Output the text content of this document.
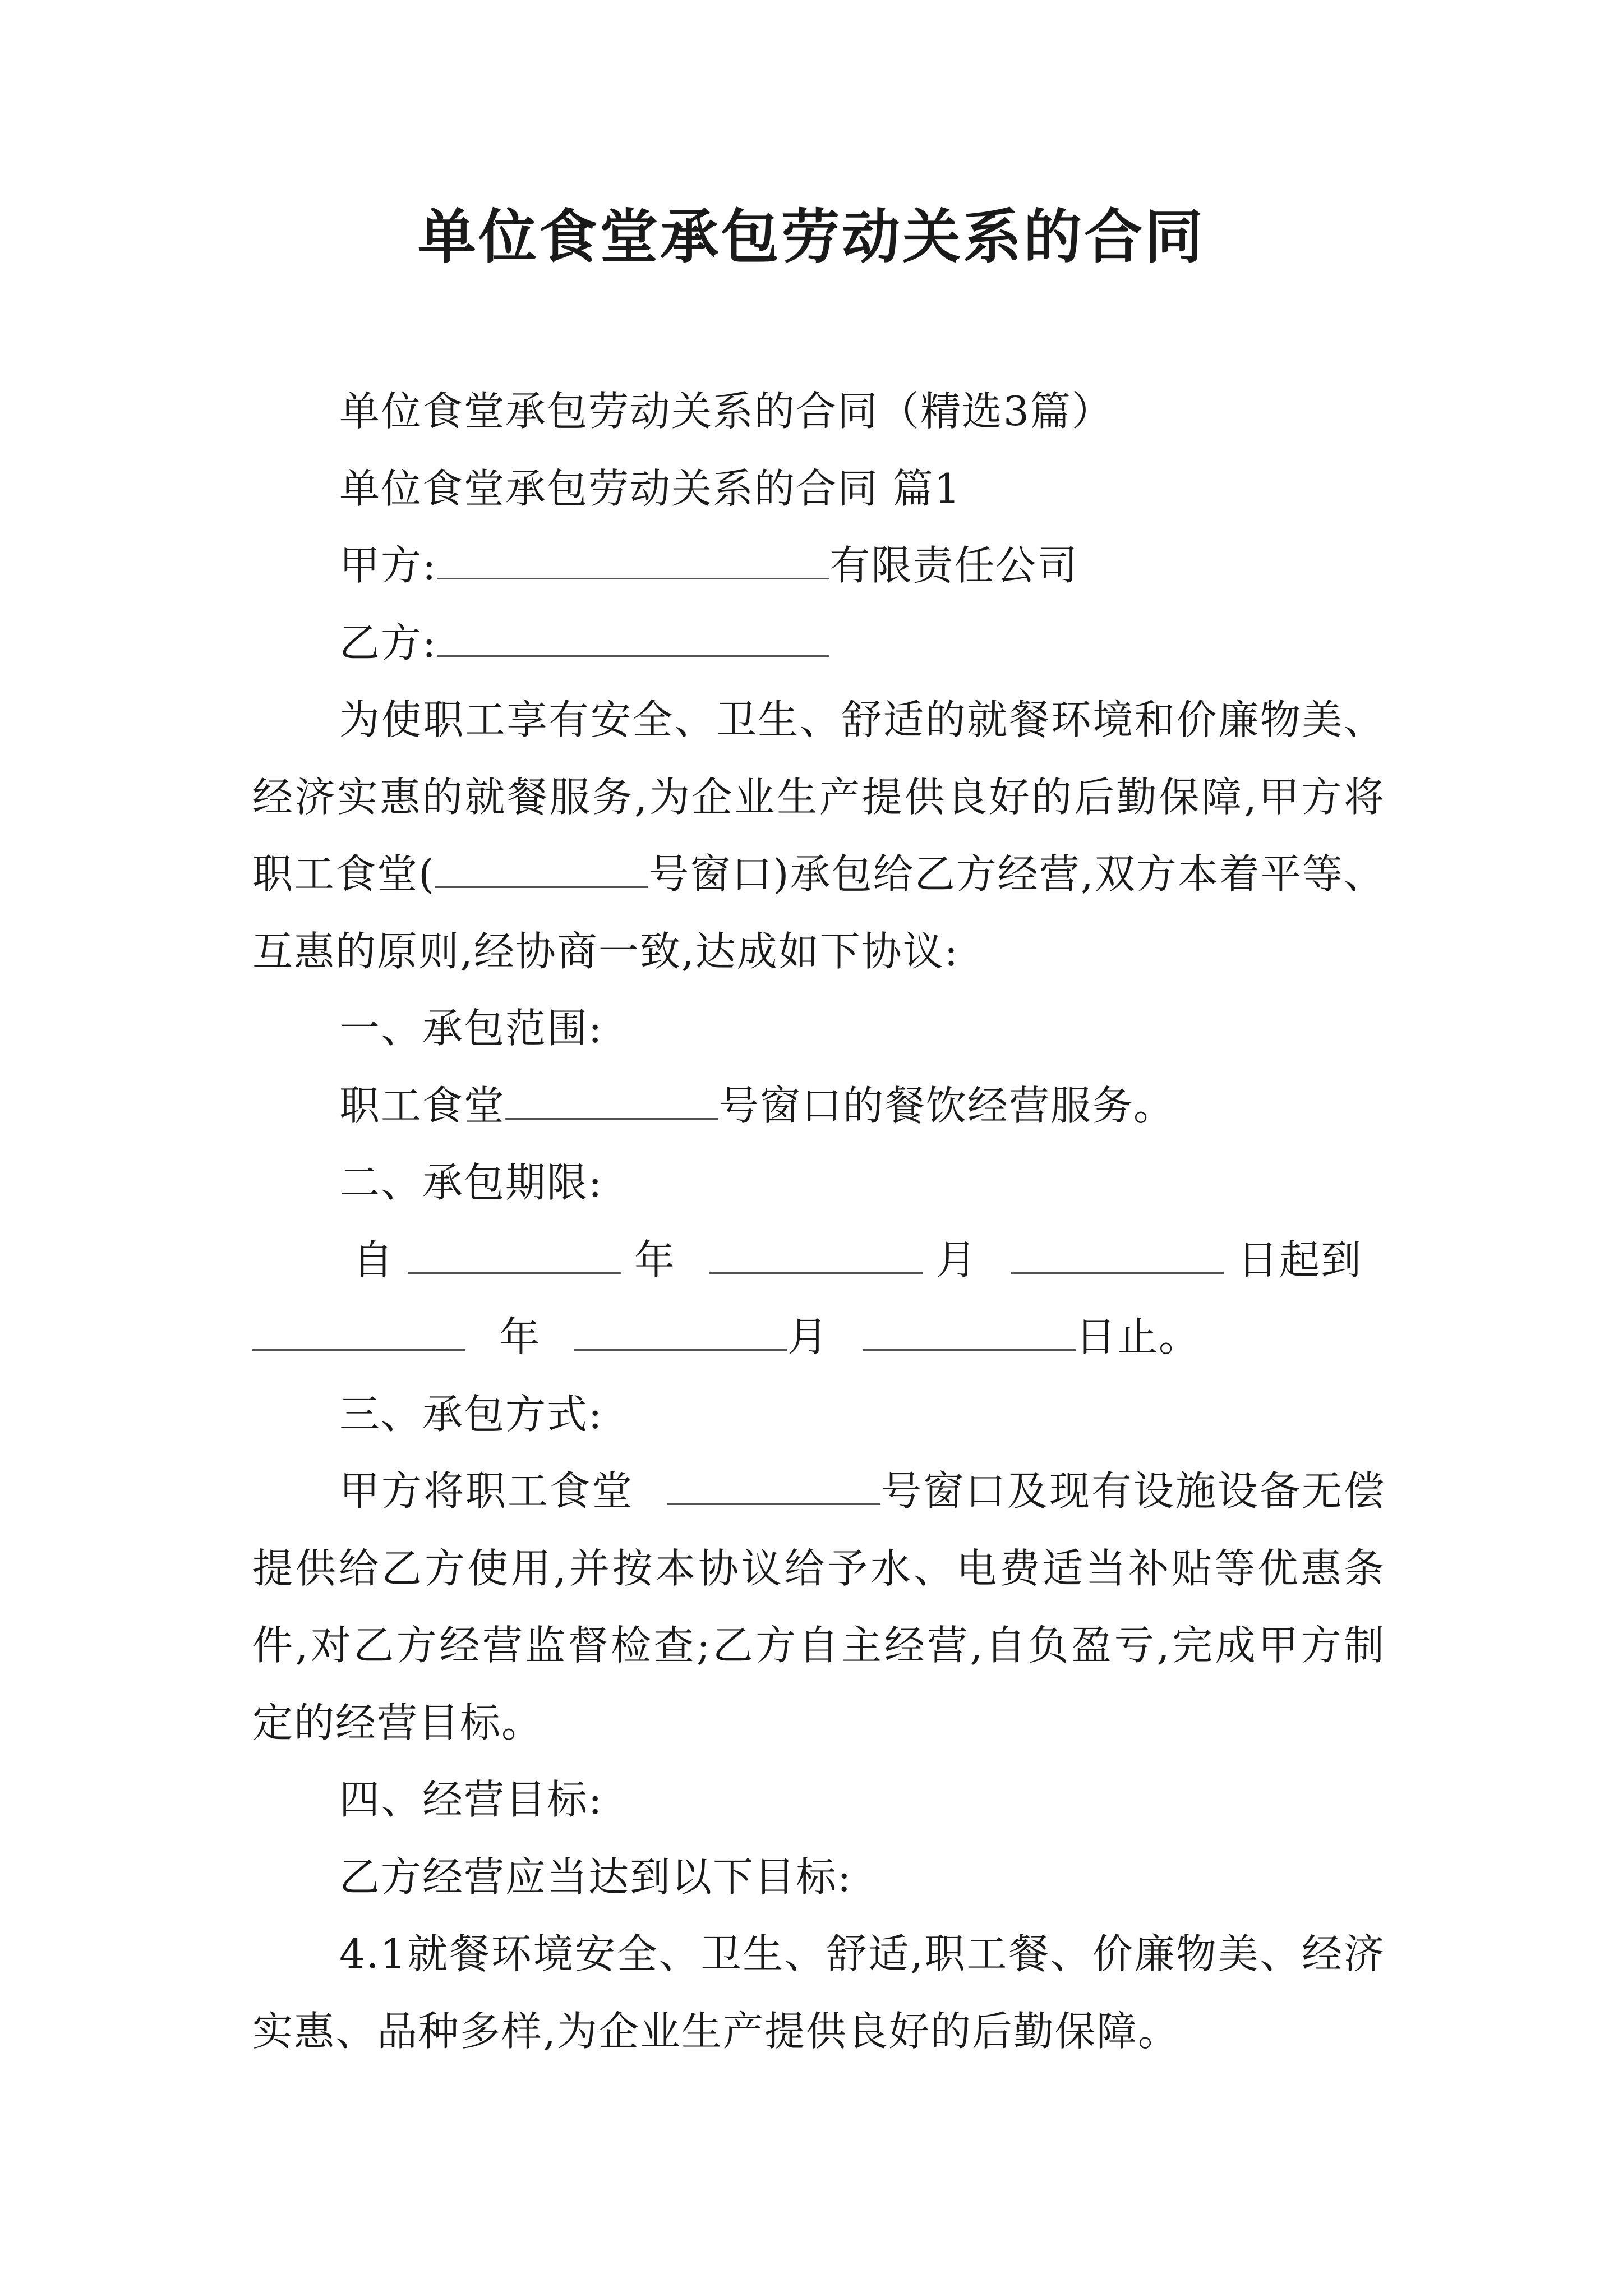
单位食堂承包劳动关系的合同

单位食堂承包劳动关系的合同（精选3篇）

单位食堂承包劳动关系的合同 篇1

甲方:	有限责任公司

乙方:

为使职工享有安全、卫生、舒适的就餐环境和价廉物美、经济实惠的就餐服务,为企业生产提供良好的后勤保障,甲方将职工食堂(	号窗口)承包给乙方经营,双方本着平等、互惠的原则,经协商一致,达成如下协议:

一、承包范围:

职工食堂	号窗口的餐饮经营服务。

二、承包期限:

自	年	月	日起到

年	月	日止。

三、承包方式:

甲方将职工食堂	号窗口及现有设施设备无偿提供给乙方使用,并按本协议给予水、电费适当补贴等优惠条件,对乙方经营监督检查;乙方自主经营,自负盈亏,完成甲方制定的经营目标。

四、经营目标:

乙方经营应当达到以下目标:

4.1就餐环境安全、卫生、舒适,职工餐、价廉物美、经济实惠、品种多样,为企业生产提供良好的后勤保障。
